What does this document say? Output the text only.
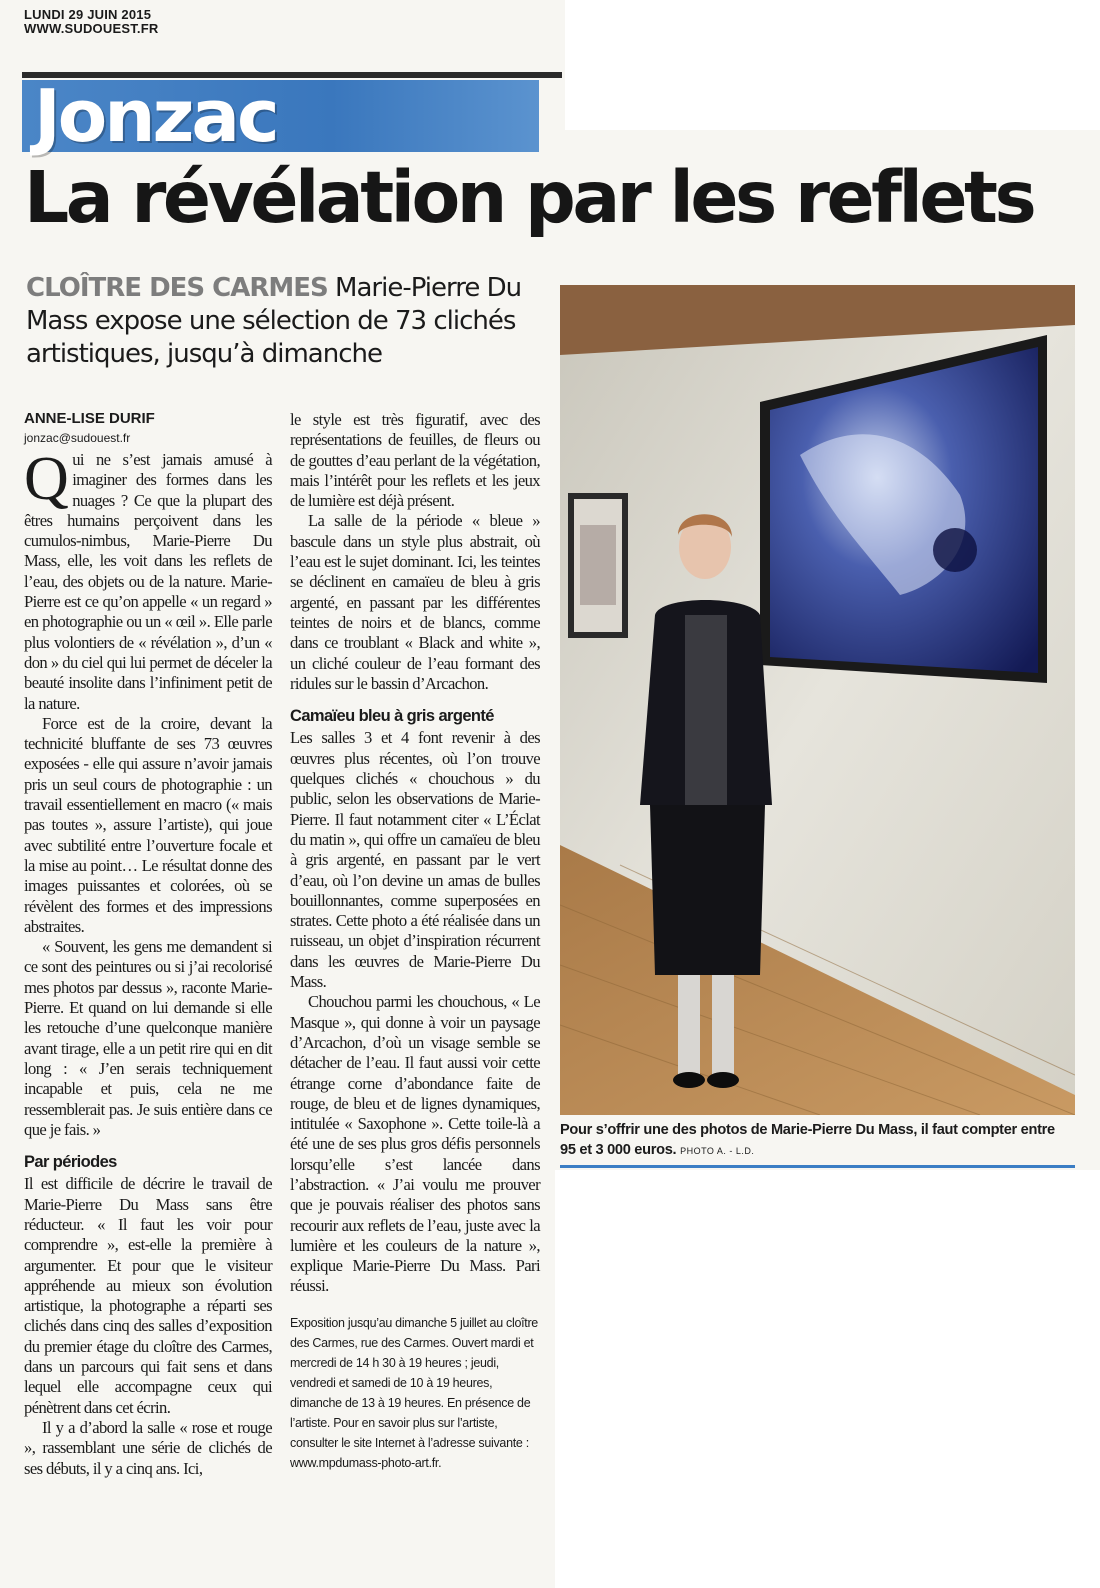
LUNDI 29 JUIN 2015
WWW.SUDOUEST.FR
Jonzac
La révélation par les reflets
CLOÎTRE DES CARMES Marie-Pierre Du Mass expose une sélection de 73 clichés artistiques, jusqu’à dimanche
ANNE-LISE DURIF
jonzac@sudouest.fr

Qui ne s’est jamais amusé à imaginer des formes dans les nuages ? Ce que la plupart des êtres humains perçoivent dans les cumulos-nimbus, Marie-Pierre Du Mass, elle, les voit dans les reflets de l’eau, des objets ou de la nature. Marie-Pierre est ce qu’on appelle « un regard » en photographie ou un « œil ». Elle parle plus volontiers de « révélation », d’un « don » du ciel qui lui permet de déceler la beauté insolite dans l’infiniment petit de la nature.

Force est de la croire, devant la technicité bluffante de ses 73 œuvres exposées - elle qui assure n’avoir jamais pris un seul cours de photographie : un travail essentiellement en macro (« mais pas toutes », assure l’artiste), qui joue avec subtilité entre l’ouverture focale et la mise au point… Le résultat donne des images puissantes et colorées, où se révèlent des formes et des impressions abstraites.

« Souvent, les gens me demandent si ce sont des peintures ou si j’ai recolorisé mes photos par dessus », raconte Marie-Pierre. Et quand on lui demande si elle les retouche d’une quelconque manière avant tirage, elle a un petit rire qui en dit long : « J’en serais techniquement incapable et puis, cela ne me ressemblerait pas. Je suis entière dans ce que je fais. »

Par périodes

Il est difficile de décrire le travail de Marie-Pierre Du Mass sans être réducteur. « Il faut les voir pour comprendre », est-elle la première à argumenter. Et pour que le visiteur appréhende au mieux son évolution artistique, la photographe a réparti ses clichés dans cinq des salles d’exposition du premier étage du cloître des Carmes, dans un parcours qui fait sens et dans lequel elle accompagne ceux qui pénètrent dans cet écrin.

Il y a d’abord la salle « rose et rouge », rassemblant une série de clichés de ses débuts, il y a cinq ans. Ici,

le style est très figuratif, avec des représentations de feuilles, de fleurs ou de gouttes d’eau perlant de la végétation, mais l’intérêt pour les reflets et les jeux de lumière est déjà présent.

La salle de la période « bleue » bascule dans un style plus abstrait, où l’eau est le sujet dominant. Ici, les teintes se déclinent en camaïeu de bleu à gris argenté, en passant par les différentes teintes de noirs et de blancs, comme dans ce troublant « Black and white », un cliché couleur de l’eau formant des ridules sur le bassin d’Arcachon.

Camaïeu bleu à gris argenté

Les salles 3 et 4 font revenir à des œuvres plus récentes, où l’on trouve quelques clichés « chouchous » du public, selon les observations de Marie-Pierre. Il faut notamment citer « L’Éclat du matin », qui offre un camaïeu de bleu à gris argenté, en passant par le vert d’eau, où l’on devine un amas de bulles bouillonnantes, comme superposées en strates. Cette photo a été réalisée dans un ruisseau, un objet d’inspiration récurrent dans les œuvres de Marie-Pierre Du Mass.

Chouchou parmi les chouchous, « Le Masque », qui donne à voir un paysage d’Arcachon, d’où un visage semble se détacher de l’eau. Il faut aussi voir cette étrange corne d’abondance faite de rouge, de bleu et de lignes dynamiques, intitulée « Saxophone ». Cette toile-là a été une de ses plus gros défis personnels lorsqu’elle s’est lancée dans l’abstraction. « J’ai voulu me prouver que je pouvais réaliser des photos sans recourir aux reflets de l’eau, juste avec la lumière et les couleurs de la nature », explique Marie-Pierre Du Mass. Pari réussi.

Exposition jusqu’au dimanche 5 juillet au cloître des Carmes, rue des Carmes. Ouvert mardi et mercredi de 14 h 30 à 19 heures ; jeudi, vendredi et samedi de 10 à 19 heures, dimanche de 13 à 19 heures. En présence de l’artiste. Pour en savoir plus sur l’artiste, consulter le site Internet à l’adresse suivante : www.mpdumass-photo-art.fr.
Pour s’offrir une des photos de Marie-Pierre Du Mass, il faut compter entre 95 et 3 000 euros. PHOTO A. - L.D.
